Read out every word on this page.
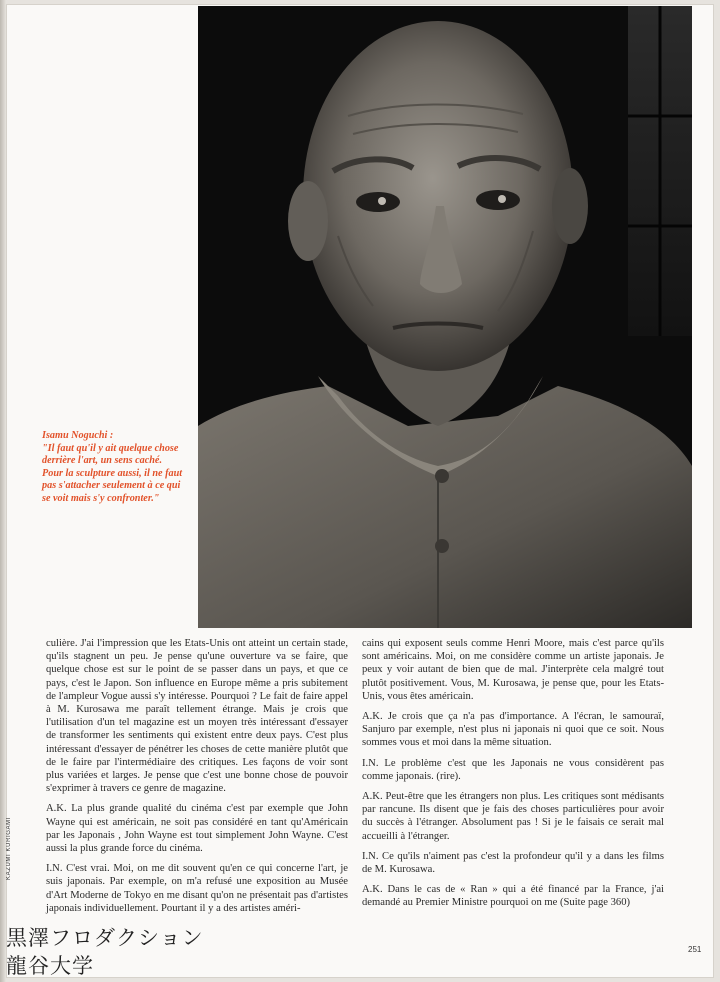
Isamu Noguchi :
"Il faut qu'il y ait quelque chose derrière l'art, un sens caché. Pour la sculpture aussi, il ne faut pas s'attacher seulement à ce qui se voit mais s'y confronter."
KAZUMI KURIGAMI

culière. J'ai l'impression que les Etats-Unis ont atteint un certain stade, qu'ils stagnent un peu. Je pense qu'une ouverture va se faire, que quelque chose est sur le point de se passer dans un pays, et que ce pays, c'est le Japon. Son influence en Europe même a pris subitement de l'ampleur Vogue aussi s'y intéresse. Pourquoi ? Le fait de faire appel à M. Kurosawa me paraît tellement étrange. Mais je crois que l'utilisation d'un tel magazine est un moyen très intéressant d'essayer de transformer les sentiments qui existent entre deux pays. C'est plus intéressant d'essayer de pénétrer les choses de cette manière plutôt que de le faire par l'intermédiaire des critiques. Les façons de voir sont plus variées et larges. Je pense que c'est une bonne chose de pouvoir s'exprimer à travers ce genre de magazine.

A.K. La plus grande qualité du cinéma c'est par exemple que John Wayne qui est américain, ne soit pas considéré en tant qu'Américain par les Japonais , John Wayne est tout simplement John Wayne. C'est aussi la plus grande force du cinéma.

I.N. C'est vrai. Moi, on me dit souvent qu'en ce qui concerne l'art, je suis japonais. Par exemple, on m'a refusé une exposition au Musée d'Art Moderne de Tokyo en me disant qu'on ne présentait pas d'artistes japonais individuellement. Pourtant il y a des artistes améri-

cains qui exposent seuls comme Henri Moore, mais c'est parce qu'ils sont américains. Moi, on me considère comme un artiste japonais. Je peux y voir autant de bien que de mal. J'interprète cela malgré tout plutôt positivement. Vous, M. Kurosawa, je pense que, pour les Etats-Unis, vous êtes américain.

A.K. Je crois que ça n'a pas d'importance. A l'écran, le samouraï, Sanjuro par exemple, n'est plus ni japonais ni quoi que ce soit. Nous sommes vous et moi dans la même situation.

I.N. Le problème c'est que les Japonais ne vous considèrent pas comme japonais. (rire).

A.K. Peut-être que les étrangers non plus. Les critiques sont médisants par rancune. Ils disent que je fais des choses particulières pour avoir du succès à l'étranger. Absolument pas ! Si je le faisais ce serait mal accueilli à l'étranger.

I.N. Ce qu'ils n'aiment pas c'est la profondeur qu'il y a dans les films de M. Kurosawa.

A.K. Dans le cas de « Ran » qui a été financé par la France, j'ai demandé au Premier Ministre pourquoi on me (Suite page 360)

黒澤フロダクション
龍谷大学
251
